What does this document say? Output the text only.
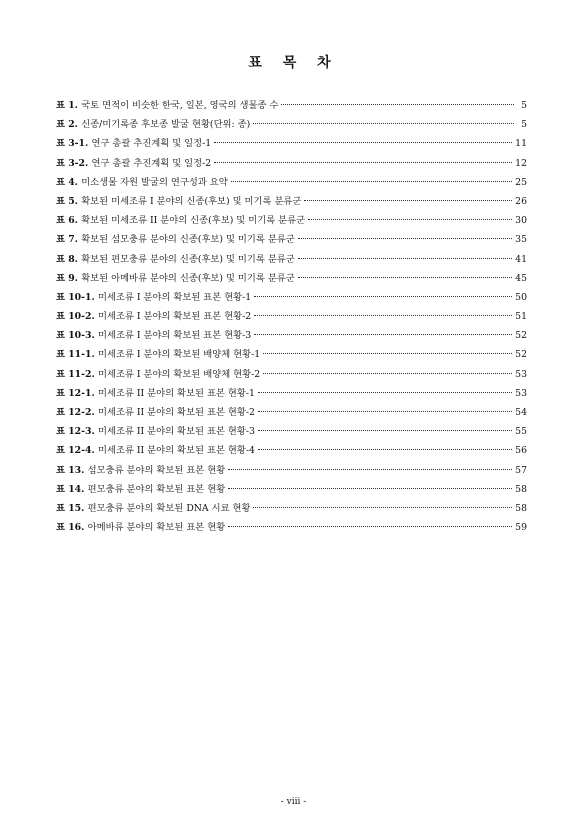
표 목 차
표 1. 국토 면적이 비슷한 한국, 일본, 영국의 생물종 수	5
표 2. 신종/미기록종 후보종 발굴 현황(단위: 종)	5
표 3-1. 연구 총괄 추진계획 및 일정-1	11
표 3-2. 연구 총괄 추진계획 및 일정-2	12
표 4. 미소생물 자원 발굴의 연구성과 요약	25
표 5. 확보된 미세조류 I 분야의 신종(후보) 및 미기록 분류군	26
표 6. 확보된 미세조류 II 분야의 신종(후보) 및 미기록 분류군	30
표 7. 확보된 섬모충류 분야의 신종(후보) 및 미기록 분류군	35
표 8. 확보된 편모충류 분야의 신종(후보) 및 미기록 분류군	41
표 9. 확보된 아메바류 분야의 신종(후보) 및 미기록 분류군	45
표 10-1. 미세조류 I 분야의 확보된 표본 현황-1	50
표 10-2. 미세조류 I 분야의 확보된 표본 현황-2	51
표 10-3. 미세조류 I 분야의 확보된 표본 현황-3	52
표 11-1. 미세조류 I 분야의 확보된 배양체 현황-1	52
표 11-2. 미세조류 I 분야의 확보된 배양체 현황-2	53
표 12-1. 미세조류 II 분야의 확보된 표본 현황-1	53
표 12-2. 미세조류 II 분야의 확보된 표본 현황-2	54
표 12-3. 미세조류 II 분야의 확보된 표본 현황-3	55
표 12-4. 미세조류 II 분야의 확보된 표본 현황-4	56
표 13. 섬모충류 분야의 확보된 표본 현황	57
표 14. 편모충류 분야의 확보된 표본 현황	58
표 15. 편모충류 분야의 확보된 DNA 시료 현황	58
표 16. 아메바류 분야의 확보된 표본 현황	59
- viii -
